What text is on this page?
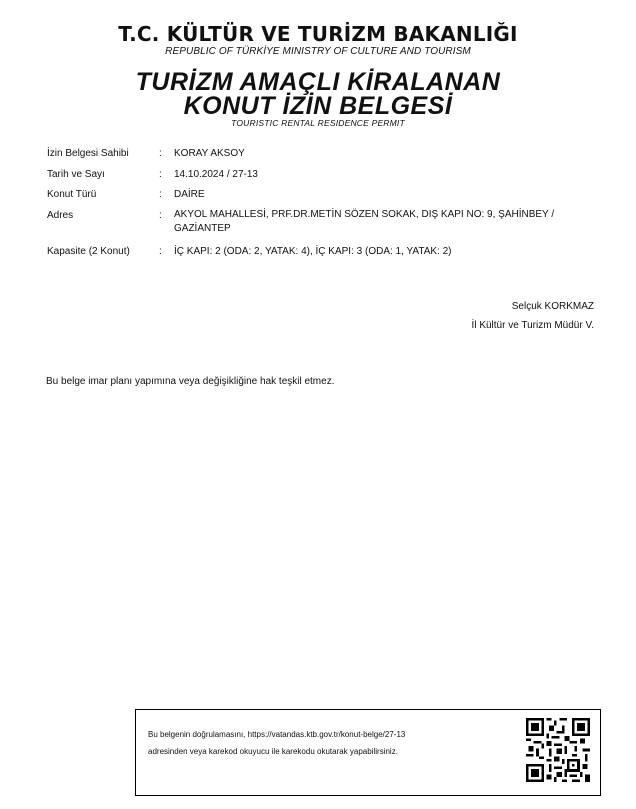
T.C. KÜLTÜR VE TURİZM BAKANLIĞI
REPUBLIC OF TÜRKİYE MINISTRY OF CULTURE AND TOURISM
TURİZM AMAÇLI KİRALANAN
KONUT İZİN BELGESİ
TOURISTIC RENTAL RESIDENCE PERMIT
İzin Belgesi Sahibi	: KORAY AKSOY
Tarih ve Sayı	: 14.10.2024 / 27-13
Konut Türü	: DAİRE
Adres	: AKYOL MAHALLESİ, PRF.DR.METİN SÖZEN SOKAK, DIŞ KAPI NO: 9, ŞAHİNBEY / GAZİANTEP
Kapasite (2 Konut)	: İÇ KAPI: 2 (ODA: 2, YATAK: 4), İÇ KAPI: 3 (ODA: 1, YATAK: 2)
Selçuk KORKMAZ
İl Kültür ve Turizm Müdür V.
Bu belge imar planı yapımına veya değişikliğine hak teşkil etmez.
Bu belgenin doğrulamasını, https://vatandas.ktb.gov.tr/konut-belge/27-13
adresinden veya karekod okuyucu ile karekodu okutarak yapabilirsiniz.
